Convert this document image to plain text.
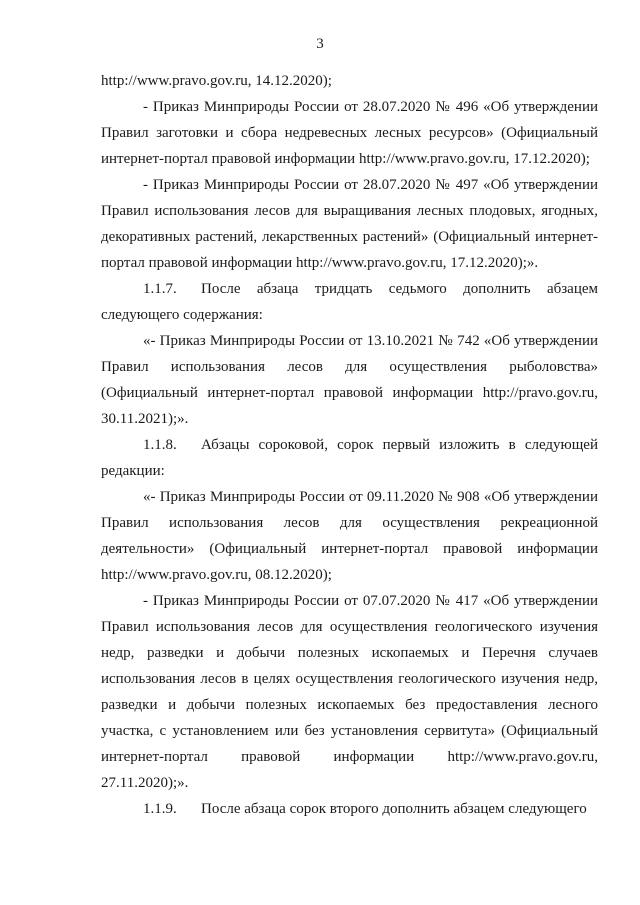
3

http://www.pravo.gov.ru, 14.12.2020);

- Приказ Минприроды России от 28.07.2020 № 496 «Об утверждении Правил заготовки и сбора недревесных лесных ресурсов» (Официальный интернет-портал правовой информации http://www.pravo.gov.ru, 17.12.2020);

- Приказ Минприроды России от 28.07.2020 № 497 «Об утверждении Правил использования лесов для выращивания лесных плодовых, ягодных, декоративных растений, лекарственных растений» (Официальный интернет-портал правовой информации http://www.pravo.gov.ru, 17.12.2020);».

1.1.7. После абзаца тридцать седьмого дополнить абзацем следующего содержания:

«- Приказ Минприроды России от 13.10.2021 № 742 «Об утверждении Правил использования лесов для осуществления рыболовства» (Официальный интернет-портал правовой информации http://pravo.gov.ru, 30.11.2021);».

1.1.8. Абзацы сороковой, сорок первый изложить в следующей редакции:

«- Приказ Минприроды России от 09.11.2020 № 908 «Об утверждении Правил использования лесов для осуществления рекреационной деятельности» (Официальный интернет-портал правовой информации http://www.pravo.gov.ru, 08.12.2020);

- Приказ Минприроды России от 07.07.2020 № 417 «Об утверждении Правил использования лесов для осуществления геологического изучения недр, разведки и добычи полезных ископаемых и Перечня случаев использования лесов в целях осуществления геологического изучения недр, разведки и добычи полезных ископаемых без предоставления лесного участка, с установлением или без установления сервитута» (Официальный интернет-портал правовой информации http://www.pravo.gov.ru, 27.11.2020);».

1.1.9. После абзаца сорок второго дополнить абзацем следующего
